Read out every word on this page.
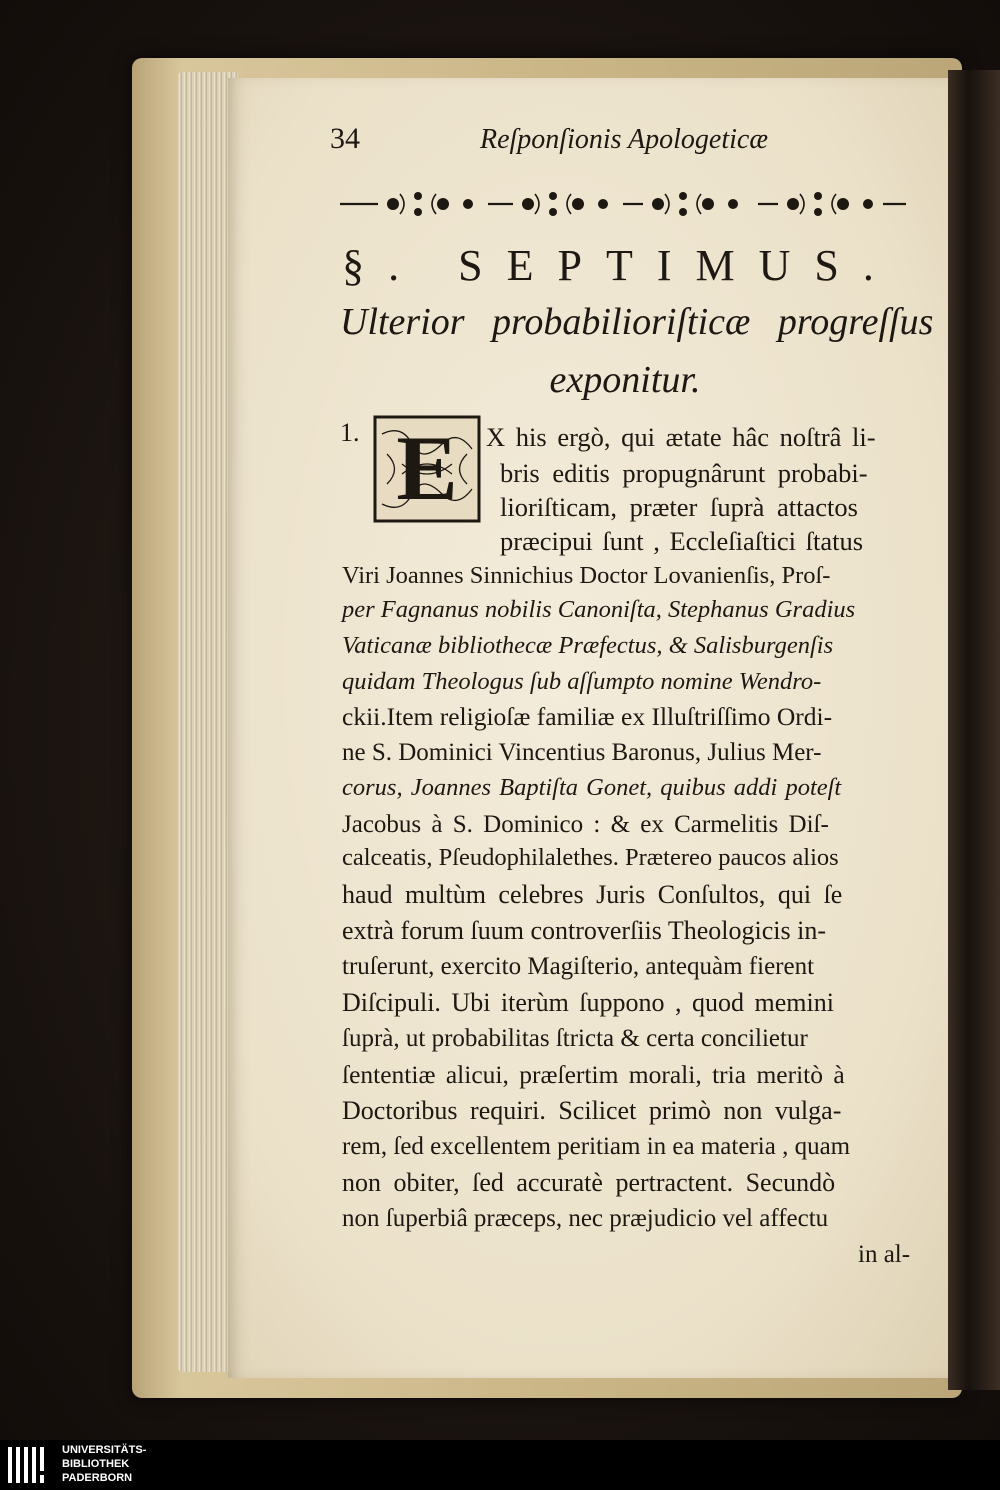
34	Reſponſionis Apologeticæ
§. SEPTIMUS.
Ulterior probabilioriſticæ progreſſus
exponitur.
1. E	X his ergò, qui ætate hâc noſtrâ li-
bris editis propugnârunt probabi-
lioriſticam, præter ſuprà attactos
præcipui ſunt , Eccleſiaſtici ſtatus
Viri Joannes Sinnichius Doctor Lovanienſis, Proſ-
per Fagnanus nobilis Canoniſta, Stephanus Gradius
Vaticanæ bibliothecæ Præfectus, & Salisburgenſis
quidam Theologus ſub aſſumpto nomine Wendro-
ckii.Item religioſæ familiæ ex Illuſtriſſimo Ordi-
ne S. Dominici Vincentius Baronus, Julius Mer-
corus, Joannes Baptiſta Gonet, quibus addi poteſt
Jacobus à S. Dominico : & ex Carmelitis Diſ-
calceatis, Pſeudophilalethes. Prætereo paucos alios
haud multùm celebres Juris Conſultos, qui ſe
extrà forum ſuum controverſiis Theologicis in-
truſerunt, exercito Magiſterio, antequàm fierent
Diſcipuli. Ubi iterùm ſuppono , quod memini
ſuprà, ut probabilitas ſtricta & certa concilietur
ſententiæ alicui, præſertim morali, tria meritò à
Doctoribus requiri. Scilicet primò non vulga-
rem, ſed excellentem peritiam in ea materia , quam
non obiter, ſed accuratè pertractent. Secundò
non ſuperbiâ præceps, nec præjudicio vel affectu
in al-
UNIVERSITÄTS-
BIBLIOTHEK
PADERBORN
